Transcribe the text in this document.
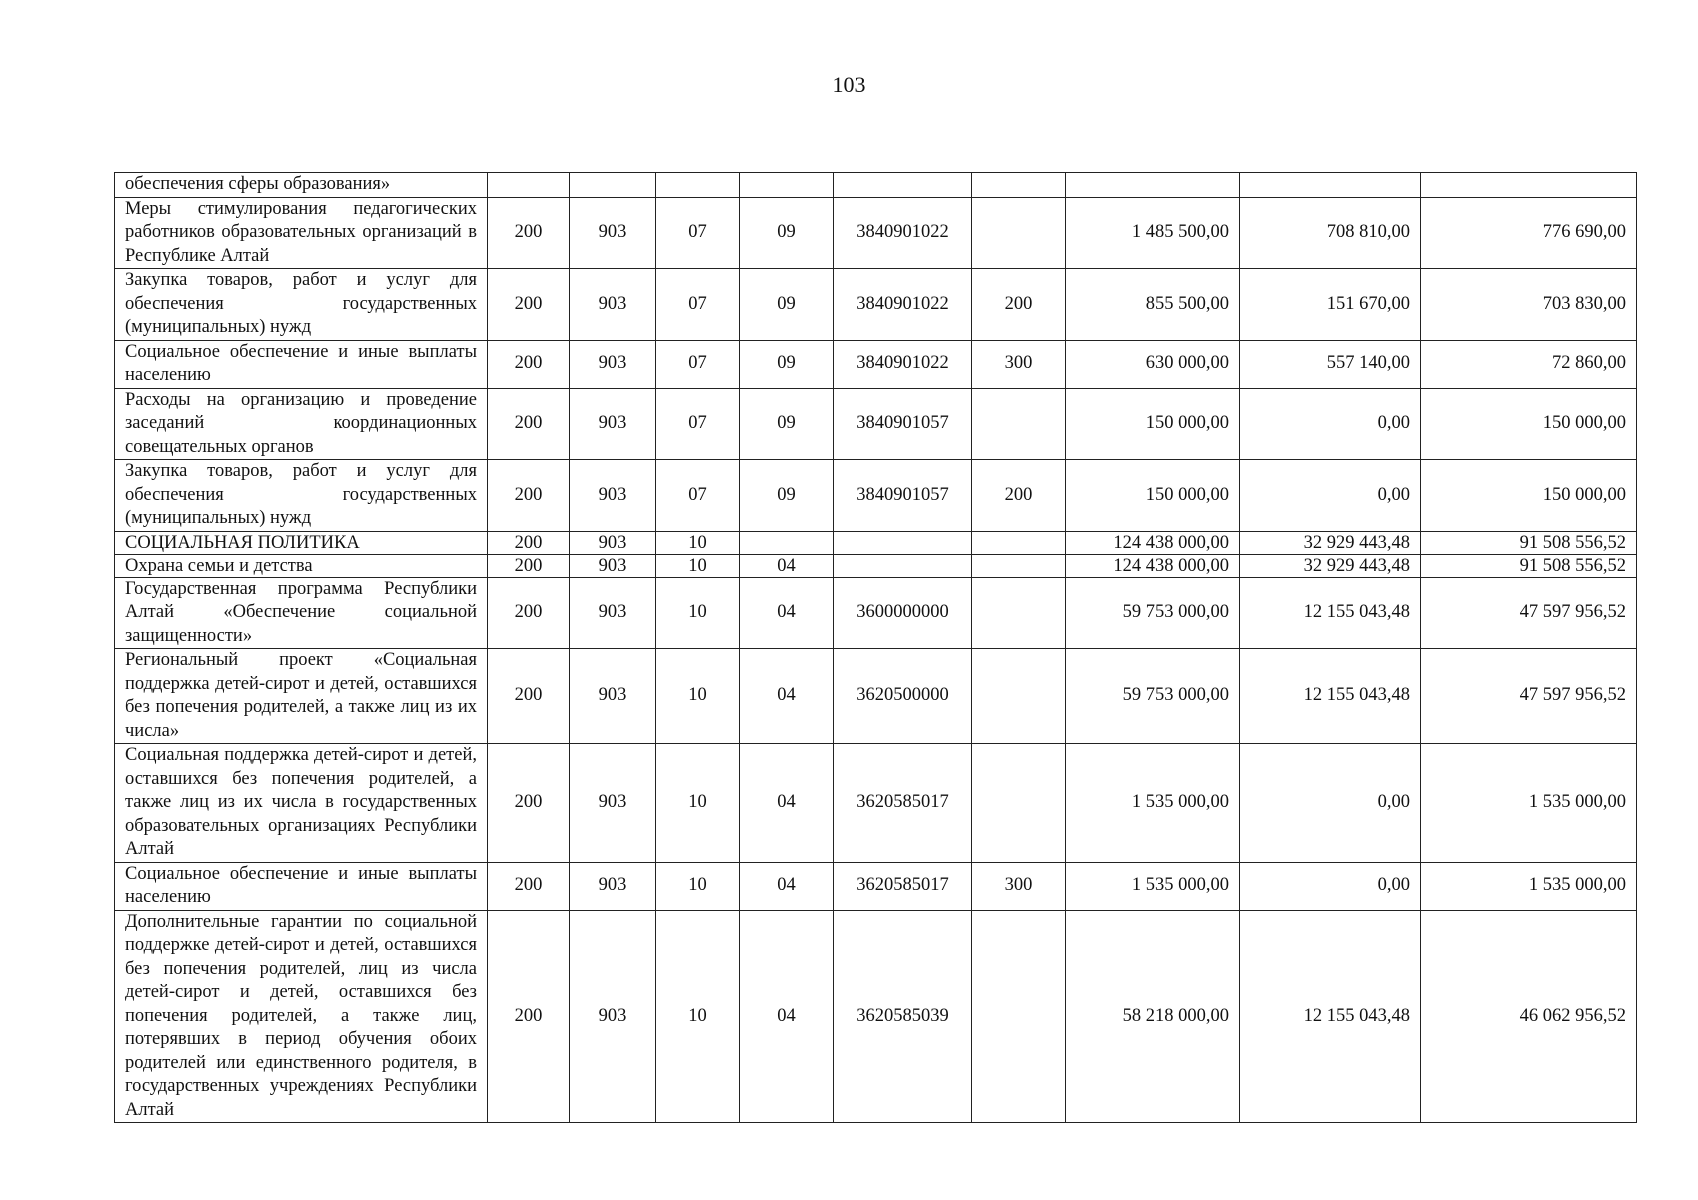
103
обеспечения сферы образования»									
Меры стимулирования педагогических работников образовательных организаций в Республике Алтай	200	903	07	09	3840901022		1 485 500,00	708 810,00	776 690,00
Закупка товаров, работ и услуг для обеспечения государственных (муниципальных) нужд	200	903	07	09	3840901022	200	855 500,00	151 670,00	703 830,00
Социальное обеспечение и иные выплаты населению	200	903	07	09	3840901022	300	630 000,00	557 140,00	72 860,00
Расходы на организацию и проведение заседаний координационных совещательных органов	200	903	07	09	3840901057		150 000,00	0,00	150 000,00
Закупка товаров, работ и услуг для обеспечения государственных (муниципальных) нужд	200	903	07	09	3840901057	200	150 000,00	0,00	150 000,00
СОЦИАЛЬНАЯ ПОЛИТИКА	200	903	10				124 438 000,00	32 929 443,48	91 508 556,52
Охрана семьи и детства	200	903	10	04			124 438 000,00	32 929 443,48	91 508 556,52
Государственная программа Республики Алтай «Обеспечение социальной защищенности»	200	903	10	04	3600000000		59 753 000,00	12 155 043,48	47 597 956,52
Региональный проект «Социальная поддержка детей-сирот и детей, оставшихся без попечения родителей, а также лиц из их числа»	200	903	10	04	3620500000		59 753 000,00	12 155 043,48	47 597 956,52
Социальная поддержка детей-сирот и детей, оставшихся без попечения родителей, а также лиц из их числа в государственных образовательных организациях Республики Алтай	200	903	10	04	3620585017		1 535 000,00	0,00	1 535 000,00
Социальное обеспечение и иные выплаты населению	200	903	10	04	3620585017	300	1 535 000,00	0,00	1 535 000,00
Дополнительные гарантии по социальной поддержке детей-сирот и детей, оставшихся без попечения родителей, лиц из числа детей-сирот и детей, оставшихся без попечения родителей, а также лиц, потерявших в период обучения обоих родителей или единственного родителя, в государственных учреждениях Республики Алтай	200	903	10	04	3620585039		58 218 000,00	12 155 043,48	46 062 956,52
